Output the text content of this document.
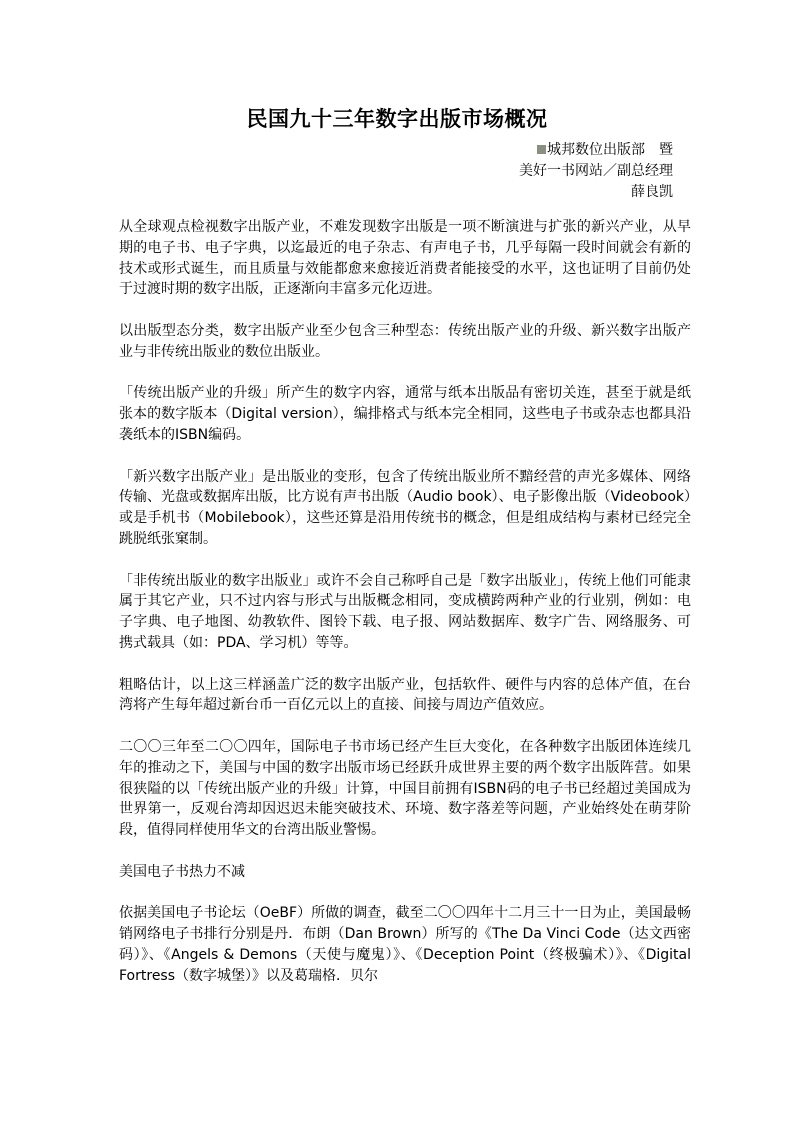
民国九十三年数字出版市场概况
城邦数位出版部　暨
美好一书网站／副总经理
薛良凯

从全球观点检视数字出版产业，不难发现数字出版是一项不断演进与扩张的新兴产业，从早期的电子书、电子字典，以迄最近的电子杂志、有声电子书，几乎每隔一段时间就会有新的技术或形式诞生，而且质量与效能都愈来愈接近消费者能接受的水平，这也证明了目前仍处于过渡时期的数字出版，正逐渐向丰富多元化迈进。

以出版型态分类，数字出版产业至少包含三种型态：传统出版产业的升级、新兴数字出版产业与非传统出版业的数位出版业。

「传统出版产业的升级」所产生的数字内容，通常与纸本出版品有密切关连，甚至于就是纸张本的数字版本（Digital version），编排格式与纸本完全相同，这些电子书或杂志也都具沿袭纸本的ISBN编码。

「新兴数字出版产业」是出版业的变形，包含了传统出版业所不黯经营的声光多媒体、网络传输、光盘或数据库出版，比方说有声书出版（Audio book）、电子影像出版（Videobook）或是手机书（Mobilebook），这些还算是沿用传统书的概念，但是组成结构与素材已经完全跳脱纸张窠制。

「非传统出版业的数字出版业」或许不会自己称呼自己是「数字出版业」，传统上他们可能隶属于其它产业，只不过内容与形式与出版概念相同，变成横跨两种产业的行业别，例如：电子字典、电子地图、幼教软件、图铃下载、电子报、网站数据库、数字广告、网络服务、可携式载具（如：PDA、学习机）等等。

粗略估计，以上这三样涵盖广泛的数字出版产业，包括软件、硬件与内容的总体产值，在台湾将产生每年超过新台币一百亿元以上的直接、间接与周边产值效应。

二〇〇三年至二〇〇四年，国际电子书市场已经产生巨大变化，在各种数字出版团体连续几年的推动之下，美国与中国的数字出版市场已经跃升成世界主要的两个数字出版阵营。如果很狭隘的以「传统出版产业的升级」计算，中国目前拥有ISBN码的电子书已经超过美国成为世界第一，反观台湾却因迟迟未能突破技术、环境、数字落差等问题，产业始终处在萌芽阶段，值得同样使用华文的台湾出版业警惕。

美国电子书热力不减

依据美国电子书论坛（OeBF）所做的调查，截至二〇〇四年十二月三十一日为止，美国最畅销网络电子书排行分别是丹．布朗（Dan Brown）所写的《The Da Vinci Code（达文西密码）》、《Angels & Demons（天使与魔鬼）》、《Deception Point（终极骗术）》、《Digital Fortress（数字城堡）》以及葛瑞格．贝尔
